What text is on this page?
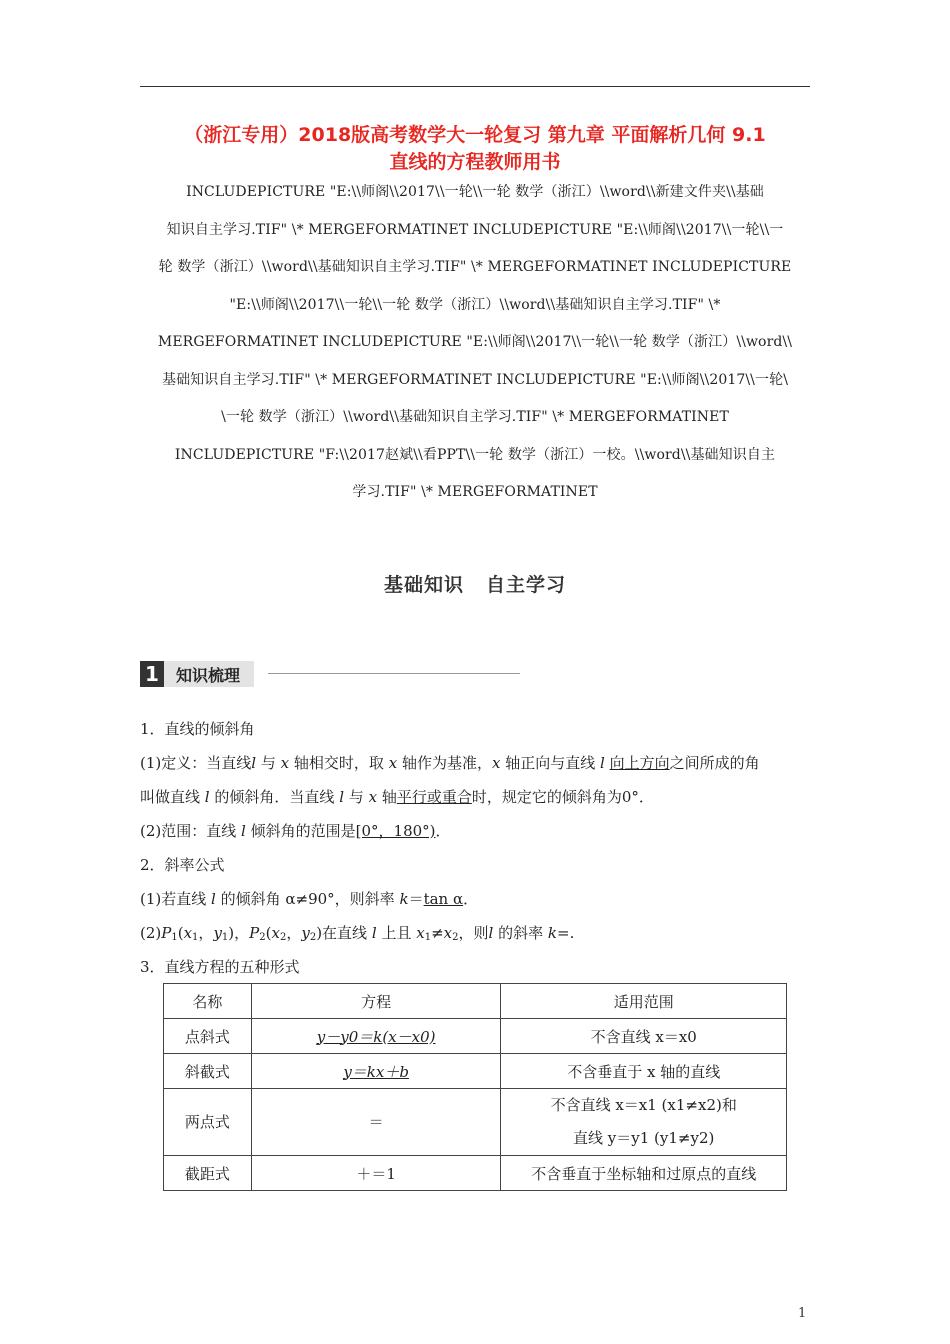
（浙江专用）2018版高考数学大一轮复习 第九章 平面解析几何 9.1
直线的方程教师用书
INCLUDEPICTURE "E:\\师阁\\2017\\一轮\\一轮 数学（浙江）\\word\\新建文件夹\\基础
知识自主学习.TIF" \* MERGEFORMATINET INCLUDEPICTURE "E:\\师阁\\2017\\一轮\\一
轮 数学（浙江）\\word\\基础知识自主学习.TIF" \* MERGEFORMATINET INCLUDEPICTURE
"E:\\师阁\\2017\\一轮\\一轮 数学（浙江）\\word\\基础知识自主学习.TIF" \*
MERGEFORMATINET INCLUDEPICTURE "E:\\师阁\\2017\\一轮\\一轮 数学（浙江）\\word\\
基础知识自主学习.TIF" \* MERGEFORMATINET INCLUDEPICTURE "E:\\师阁\\2017\\一轮\
\一轮 数学（浙江）\\word\\基础知识自主学习.TIF" \* MERGEFORMATINET
INCLUDEPICTURE "F:\\2017赵斌\\看PPT\\一轮 数学（浙江）一校。\\word\\基础知识自主
学习.TIF" \* MERGEFORMATINET
基础知识 自主学习
1	知识梳理

1．直线的倾斜角

(1)定义：当直线l 与 x 轴相交时，取 x 轴作为基准，x 轴正向与直线 l 向上方向之间所成的角

叫做直线 l 的倾斜角．当直线 l 与 x 轴平行或重合时，规定它的倾斜角为0°．

(2)范围：直线 l 倾斜角的范围是[0°，180°)．

2．斜率公式

(1)若直线 l 的倾斜角 α≠90°，则斜率 k＝tan α．

$(2)P_1(x_1$，$y_1$)，$P_2(x_2$，$y_2$)在直线 l 上且 $x_1\ne x_2$，则l 的斜率 k=.

3．直线方程的五种形式

名称	方程	适用范围
点斜式	y－y0＝k(x－x0)	不含直线 x＝x0
斜截式	y＝kx＋b	不含垂直于 x 轴的直线
两点式	＝	不含直线 x＝x1 (x1≠x2)和
直线 y＝y1 (y1≠y2)

截距式	＋＝1	不含垂直于坐标轴和过原点的直线
1
